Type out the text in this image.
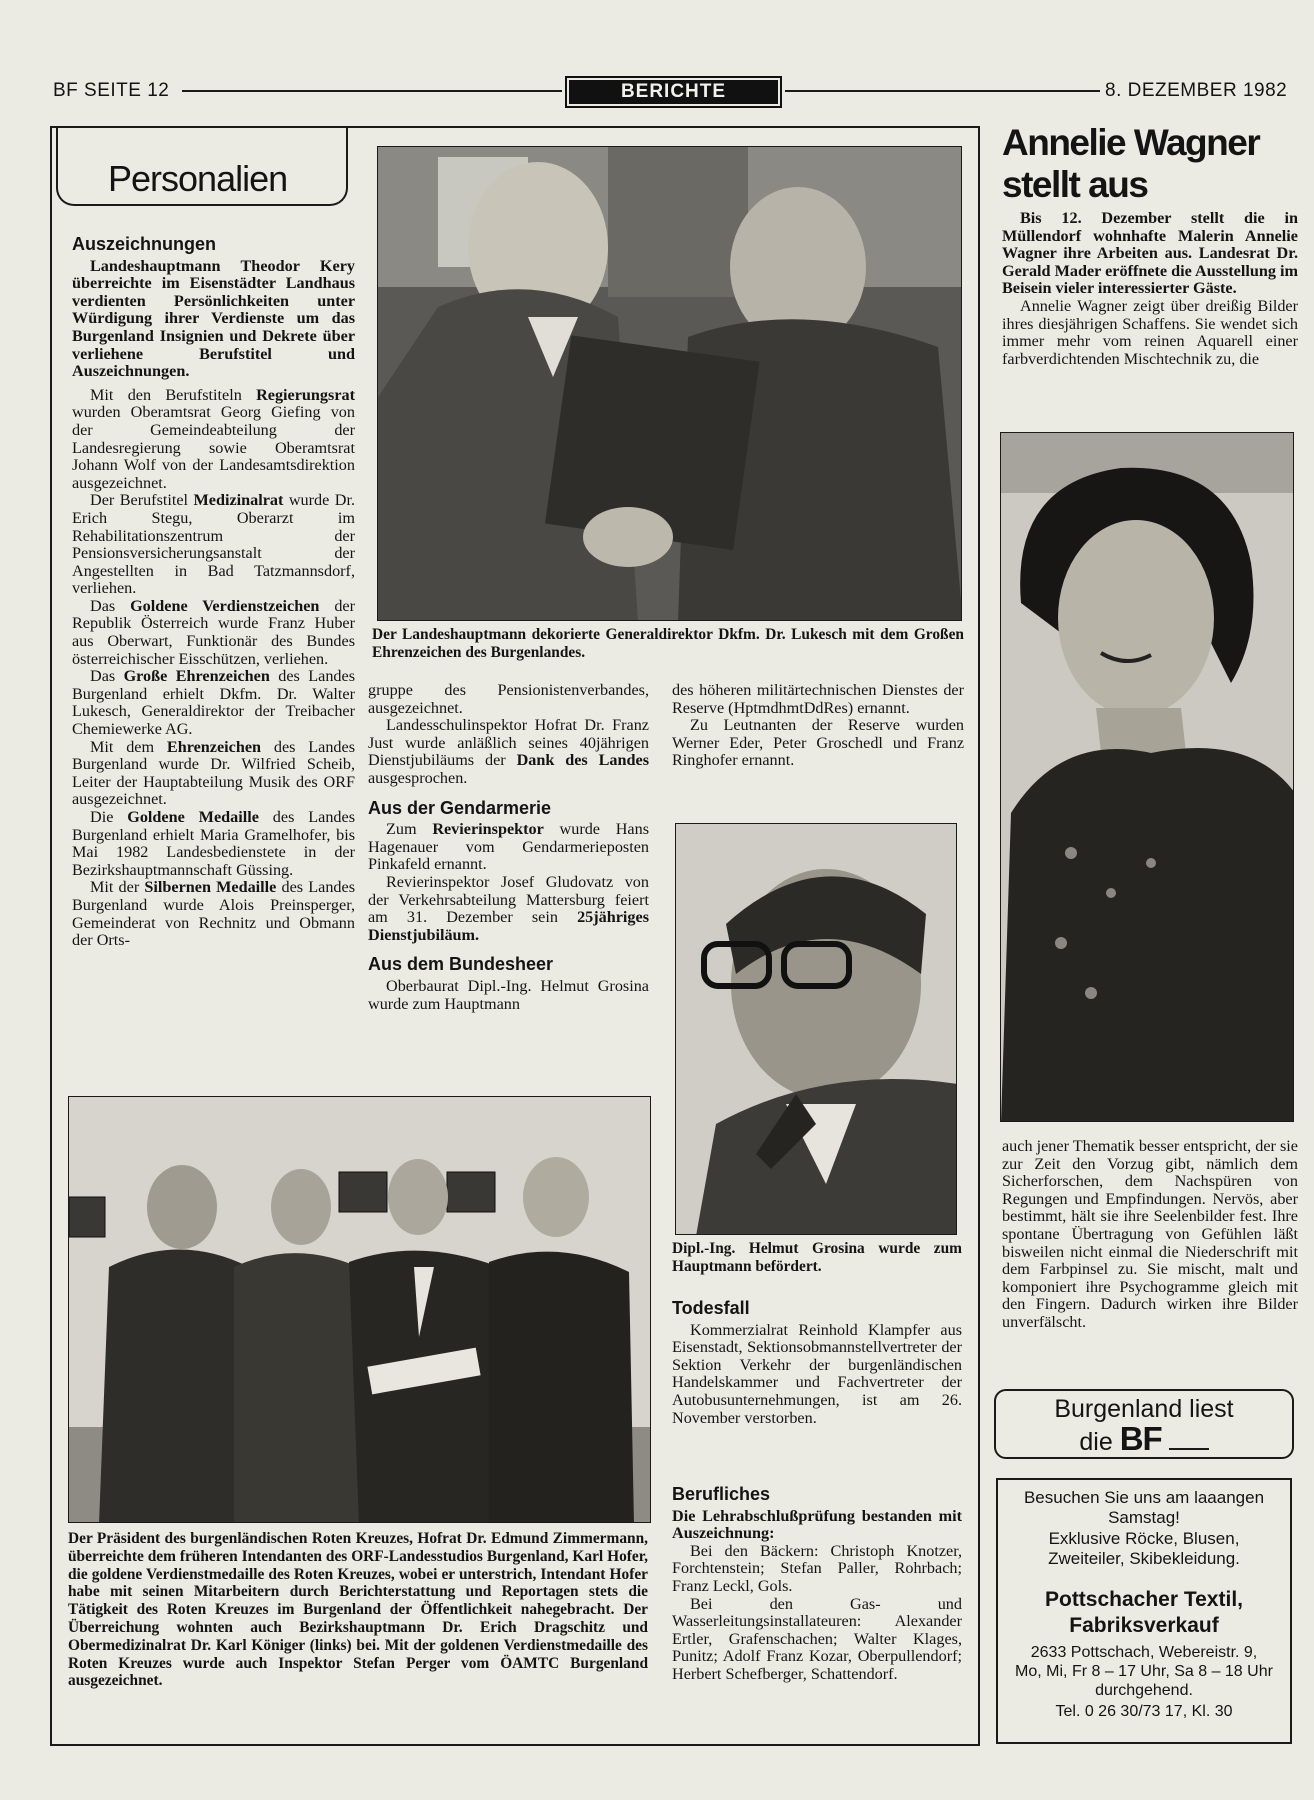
BF SEITE 12	BERICHTE	8. DEZEMBER 1982
Personalien
Auszeichnungen

Landeshauptmann Theodor Kery überreichte im Eisenstädter Landhaus verdienten Persönlichkeiten unter Würdigung ihrer Verdienste um das Burgenland Insignien und Dekrete über verliehene Berufstitel und Auszeichnungen.

Mit den Berufstiteln Regierungsrat wurden Oberamtsrat Georg Giefing von der Gemeindeabteilung der Landesregierung sowie Oberamtsrat Johann Wolf von der Landesamtsdirektion ausgezeichnet.

Der Berufstitel Medizinalrat wurde Dr. Erich Stegu, Oberarzt im Rehabilitationszentrum der Pensionsversicherungsanstalt der Angestellten in Bad Tatzmannsdorf, verliehen.

Das Goldene Verdienstzeichen der Republik Österreich wurde Franz Huber aus Oberwart, Funktionär des Bundes österreichischer Eisschützen, verliehen.

Das Große Ehrenzeichen des Landes Burgenland erhielt Dkfm. Dr. Walter Lukesch, Generaldirektor der Treibacher Chemiewerke AG.

Mit dem Ehrenzeichen des Landes Burgenland wurde Dr. Wilfried Scheib, Leiter der Hauptabteilung Musik des ORF ausgezeichnet.

Die Goldene Medaille des Landes Burgenland erhielt Maria Gramelhofer, bis Mai 1982 Landesbedienstete in der Bezirkshauptmannschaft Güssing.

Mit der Silbernen Medaille des Landes Burgenland wurde Alois Preinsperger, Gemeinderat von Rechnitz und Obmann der Orts-

Der Landeshauptmann dekorierte Generaldirektor Dkfm. Dr. Lukesch mit dem Großen Ehrenzeichen des Burgenlandes.

gruppe des Pensionistenverbandes, ausgezeichnet.

Landesschulinspektor Hofrat Dr. Franz Just wurde anläßlich seines 40jährigen Dienstjubiläums der Dank des Landes ausgesprochen.

Aus der Gendarmerie

Zum Revierinspektor wurde Hans Hagenauer vom Gendarmerieposten Pinkafeld ernannt.

Revierinspektor Josef Gludovatz von der Verkehrsabteilung Mattersburg feiert am 31. Dezember sein 25jähriges Dienstjubiläum.

Aus dem Bundesheer

Oberbaurat Dipl.-Ing. Helmut Grosina wurde zum Hauptmann

des höheren militärtechnischen Dienstes der Reserve (HptmdhmtDdRes) ernannt.

Zu Leutnanten der Reserve wurden Werner Eder, Peter Groschedl und Franz Ringhofer ernannt.

Dipl.-Ing. Helmut Grosina wurde zum Hauptmann befördert.
Todesfall

Kommerzialrat Reinhold Klampfer aus Eisenstadt, Sektionsobmannstellvertreter der Sektion Verkehr der burgenländischen Handelskammer und Fachvertreter der Autobusunternehmungen, ist am 26. November verstorben.

Berufliches

Die Lehrabschlußprüfung bestanden mit Auszeichnung:

Bei den Bäckern: Christoph Knotzer, Forchtenstein; Stefan Paller, Rohrbach; Franz Leckl, Gols.

Bei den Gas- und Wasserleitungsinstallateuren: Alexander Ertler, Grafenschachen; Walter Klages, Punitz; Adolf Franz Kozar, Oberpullendorf; Herbert Schefberger, Schattendorf.

Der Präsident des burgenländischen Roten Kreuzes, Hofrat Dr. Edmund Zimmermann, überreichte dem früheren Intendanten des ORF-Landesstudios Burgenland, Karl Hofer, die goldene Verdienstmedaille des Roten Kreuzes, wobei er unterstrich, Intendant Hofer habe mit seinen Mitarbeitern durch Berichterstattung und Reportagen stets die Tätigkeit des Roten Kreuzes im Burgenland der Öffentlichkeit nahegebracht. Der Überreichung wohnten auch Bezirkshauptmann Dr. Erich Dragschitz und Obermedizinalrat Dr. Karl Königer (links) bei. Mit der goldenen Verdienstmedaille des Roten Kreuzes wurde auch Inspektor Stefan Perger vom ÖAMTC Burgenland ausgezeichnet.
Annelie Wagner
stellt aus

Bis 12. Dezember stellt die in Müllendorf wohnhafte Malerin Annelie Wagner ihre Arbeiten aus. Landesrat Dr. Gerald Mader eröffnete die Ausstellung im Beisein vieler interessierter Gäste.

Annelie Wagner zeigt über dreißig Bilder ihres diesjährigen Schaffens. Sie wendet sich immer mehr vom reinen Aquarell einer farbverdichtenden Mischtechnik zu, die

auch jener Thematik besser entspricht, der sie zur Zeit den Vorzug gibt, nämlich dem Sicherforschen, dem Nachspüren von Regungen und Empfindungen. Nervös, aber bestimmt, hält sie ihre Seelenbilder fest. Ihre spontane Übertragung von Gefühlen läßt bisweilen nicht einmal die Niederschrift mit dem Farbpinsel zu. Sie mischt, malt und komponiert ihre Psychogramme gleich mit den Fingern. Dadurch wirken ihre Bilder unverfälscht.

Burgenland liest
die BF
Besuchen Sie uns am laaangen Samstag!
Exklusive Röcke, Blusen, Zweiteiler, Skibekleidung.
Pottschacher Textil,
Fabriksverkauf
2633 Pottschach, Webereistr. 9,
Mo, Mi, Fr 8 – 17 Uhr, Sa 8 – 18 Uhr
durchgehend.
Tel. 0 26 30/73 17, Kl. 30
